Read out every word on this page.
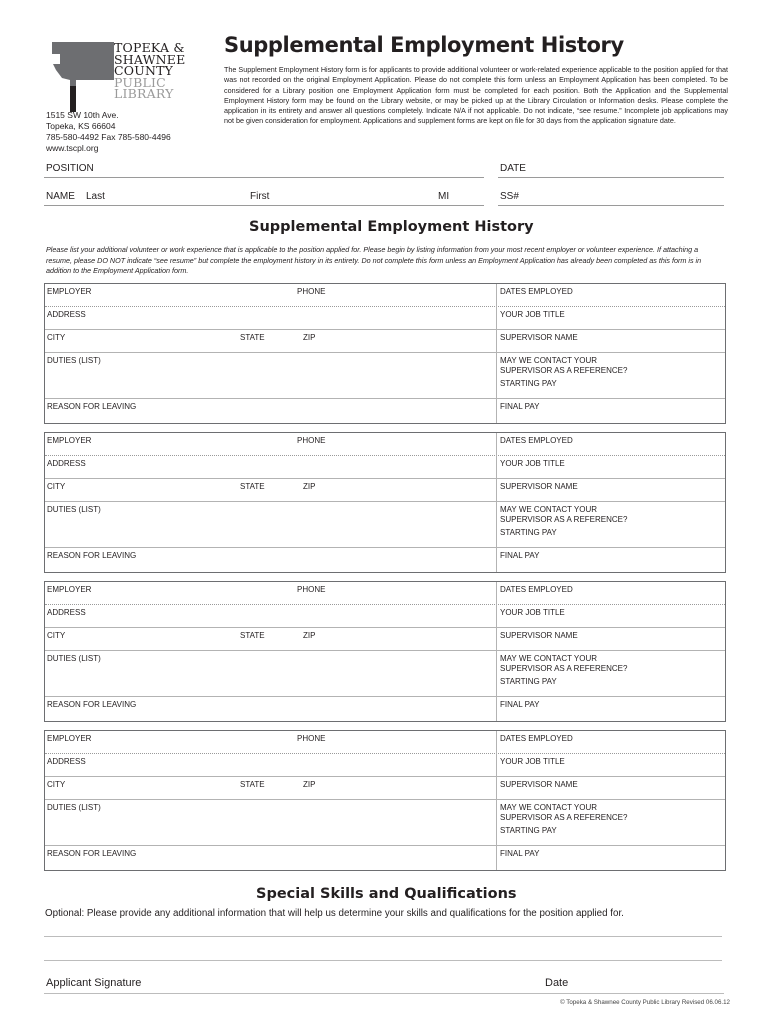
TOPEKA &
SHAWNEE
COUNTY
PUBLIC
LIBRARY
1515 SW 10th Ave.
Topeka, KS 66604
785-580-4492 Fax 785-580-4496
www.tscpl.org
Supplemental Employment History

The Supplement Employment History form is for applicants to provide additional volunteer or work-related experience applicable to the position applied for that was not recorded on the original Employment Application. Please do not complete this form unless an Employment Application has been completed. To be considered for a Library position one Employment Application form must be completed for each position. Both the Application and the Supplemental Employment History form may be found on the Library website, or may be picked up at the Library Circulation or Information desks. Please complete the application in its entirety and answer all questions completely. Indicate N/A if not applicable. Do not indicate, “see resume.” Incomplete job applications may not be given consideration for employment. Applications and supplement forms are kept on file for 30 days from the application signature date.

POSITION	DATE
NAME Last	First	MI	SS#
Supplemental Employment History

Please list your additional volunteer or work experience that is applicable to the position applied for. Please begin by listing information from your most recent employer or volunteer experience. If attaching a resume, please DO NOT indicate “see resume” but complete the employment history in its entirety. Do not complete this form unless an Employment Application has already been completed as this form is in addition to the Employment Application form.

EMPLOYER	PHONE	DATES EMPLOYED
ADDRESS	YOUR JOB TITLE
CITY	STATE	ZIP	SUPERVISOR NAME
DUTIES (LIST)	MAY WE CONTACT YOUR
SUPERVISOR AS A REFERENCE?
STARTING PAY
REASON FOR LEAVING	FINAL PAY
EMPLOYER	PHONE	DATES EMPLOYED
ADDRESS	YOUR JOB TITLE
CITY	STATE	ZIP	SUPERVISOR NAME
DUTIES (LIST)	MAY WE CONTACT YOUR
SUPERVISOR AS A REFERENCE?
STARTING PAY
REASON FOR LEAVING	FINAL PAY
EMPLOYER	PHONE	DATES EMPLOYED
ADDRESS	YOUR JOB TITLE
CITY	STATE	ZIP	SUPERVISOR NAME
DUTIES (LIST)	MAY WE CONTACT YOUR
SUPERVISOR AS A REFERENCE?
STARTING PAY
REASON FOR LEAVING	FINAL PAY
EMPLOYER	PHONE	DATES EMPLOYED
ADDRESS	YOUR JOB TITLE
CITY	STATE	ZIP	SUPERVISOR NAME
DUTIES (LIST)	MAY WE CONTACT YOUR
SUPERVISOR AS A REFERENCE?
STARTING PAY
REASON FOR LEAVING	FINAL PAY
Special Skills and Qualifications

Optional: Please provide any additional information that will help us determine your skills and qualifications for the position applied for.

Applicant Signature	Date
© Topeka & Shawnee County Public Library Revised 06.06.12
